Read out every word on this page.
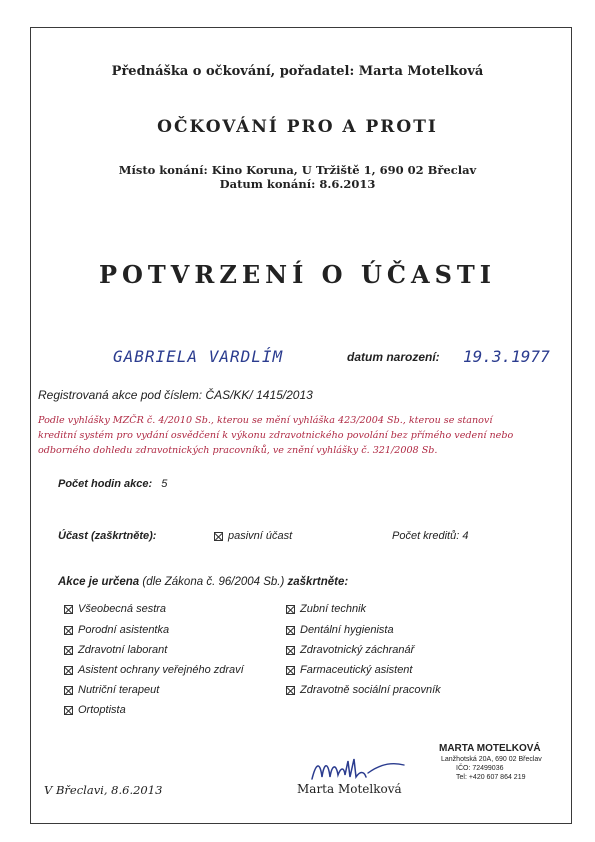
Přednáška o očkování, pořadatel: Marta Motelková
OČKOVÁNÍ PRO A PROTI
Místo konání: Kino Koruna, U Tržiště 1, 690 02 Břeclav
Datum konání: 8.6.2013
POTVRZENÍ O ÚČASTI
GABRIELA VARDLÍM	datum narození: 19.3.1977
Registrovaná akce pod číslem: ČAS/KK/ 1415/2013
Podle vyhlášky MZČR č. 4/2010 Sb., kterou se mění vyhláška 423/2004 Sb., kterou se stanoví
kreditní systém pro vydání osvědčení k výkonu zdravotnického povolání bez přímého vedení nebo
odborného dohledu zdravotnických pracovníků, ve znění vyhlášky č. 321/2008 Sb.
Počet hodin akce: 5
Účast (zaškrtněte):	pasivní účast	Počet kreditů: 4
Akce je určena (dle Zákona č. 96/2004 Sb.) zaškrtněte:
Všeobecná sestra
Porodní asistentka
Zdravotní laborant
Asistent ochrany veřejného zdraví
Nutriční terapeut
Ortoptista
Zubní technik
Dentální hygienista
Zdravotnický záchranář
Farmaceutický asistent
Zdravotně sociální pracovník
MARTA MOTELKOVÁ
Lanžhotská 20A, 690 02 Břeclav
IČO: 72499036
Tel: +420 607 864 219
V Břeclavi, 8.6.2013	Marta Motelková
